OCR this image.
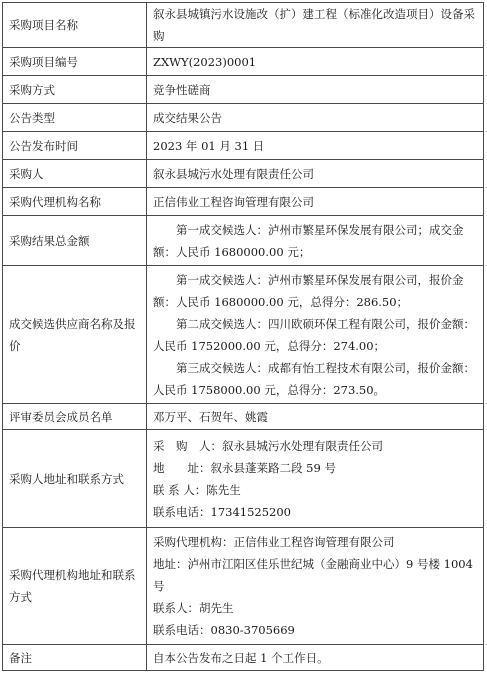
采购项目名称	叙永县城镇污水设施改（扩）建工程（标准化改造项目）设备采购
采购项目编号	ZXWY(2023)0001
采购方式	竞争性磋商
公告类型	成交结果公告
公告发布时间	2023 年 01 月 31 日
采购人	叙永县城污水处理有限责任公司
采购代理机构名称	正信伟业工程咨询管理有限公司
采购结果总金额	第一成交候选人：泸州市繁星环保发展有限公司；成交金额：人民币 1680000.00 元；
成交候选供应商名称及报价	第一成交候选人：泸州市繁星环保发展有限公司，报价金额：人民币 1680000.00 元，总得分：286.50；
第二成交候选人：四川欧硕环保工程有限公司，报价金额：人民币 1752000.00 元，总得分：274.00；
第三成交候选人：成都有怡工程技术有限公司，报价金额：人民币 1758000.00 元，总得分：273.50。

评审委员会成员名单	邓万平、石贺年、姚霞
采购人地址和联系方式	采　购　人：叙永县城污水处理有限责任公司
地　　址：叙永县蓬莱路二段 59 号
联 系 人：陈先生
联系电话：17341525200

采购代理机构地址和联系方式	采购代理机构：正信伟业工程咨询管理有限公司
地址：泸州市江阳区佳乐世纪城（金融商业中心）9 号楼 1004 号
联系人：胡先生
联系电话：0830-3705669

备注	自本公告发布之日起 1 个工作日。
